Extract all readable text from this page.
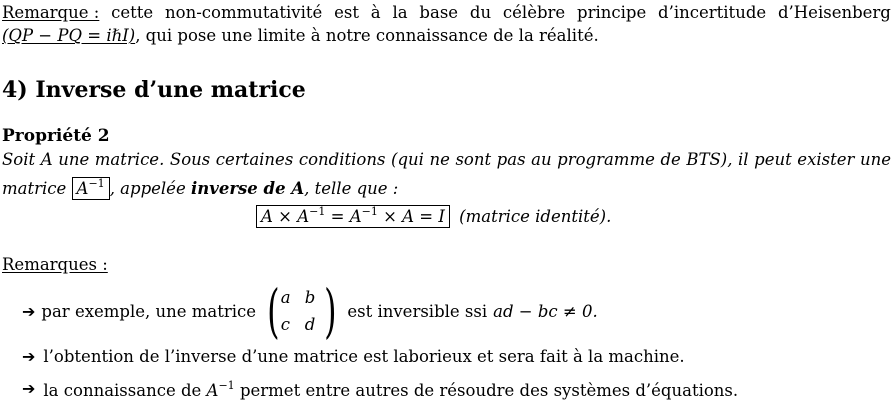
Remarque : cette non-commutativité est à la base du célèbre principe d’incertitude d’Heisenberg
(QP − PQ = iℏI), qui pose une limite à notre connaissance de la réalité.
4) Inverse d’une matrice
Propriété 2
Soit A une matrice. Sous certaines conditions (qui ne sont pas au programme de BTS), il peut exister une
matrice $A^{-1}$ , appelée inverse de A, telle que :
$A \times A^{-1} = A^{-1} \times A = I$ (matrice identité).
Remarques :
➔ par exemple, une matrice ( a b
c d ) est inversible ssi ad − bc ≠ 0.
➔ l’obtention de l’inverse d’une matrice est laborieux et sera fait à la machine.
➔ la connaissance de $A^{-1}$ permet entre autres de résoudre des systèmes d’équations.
